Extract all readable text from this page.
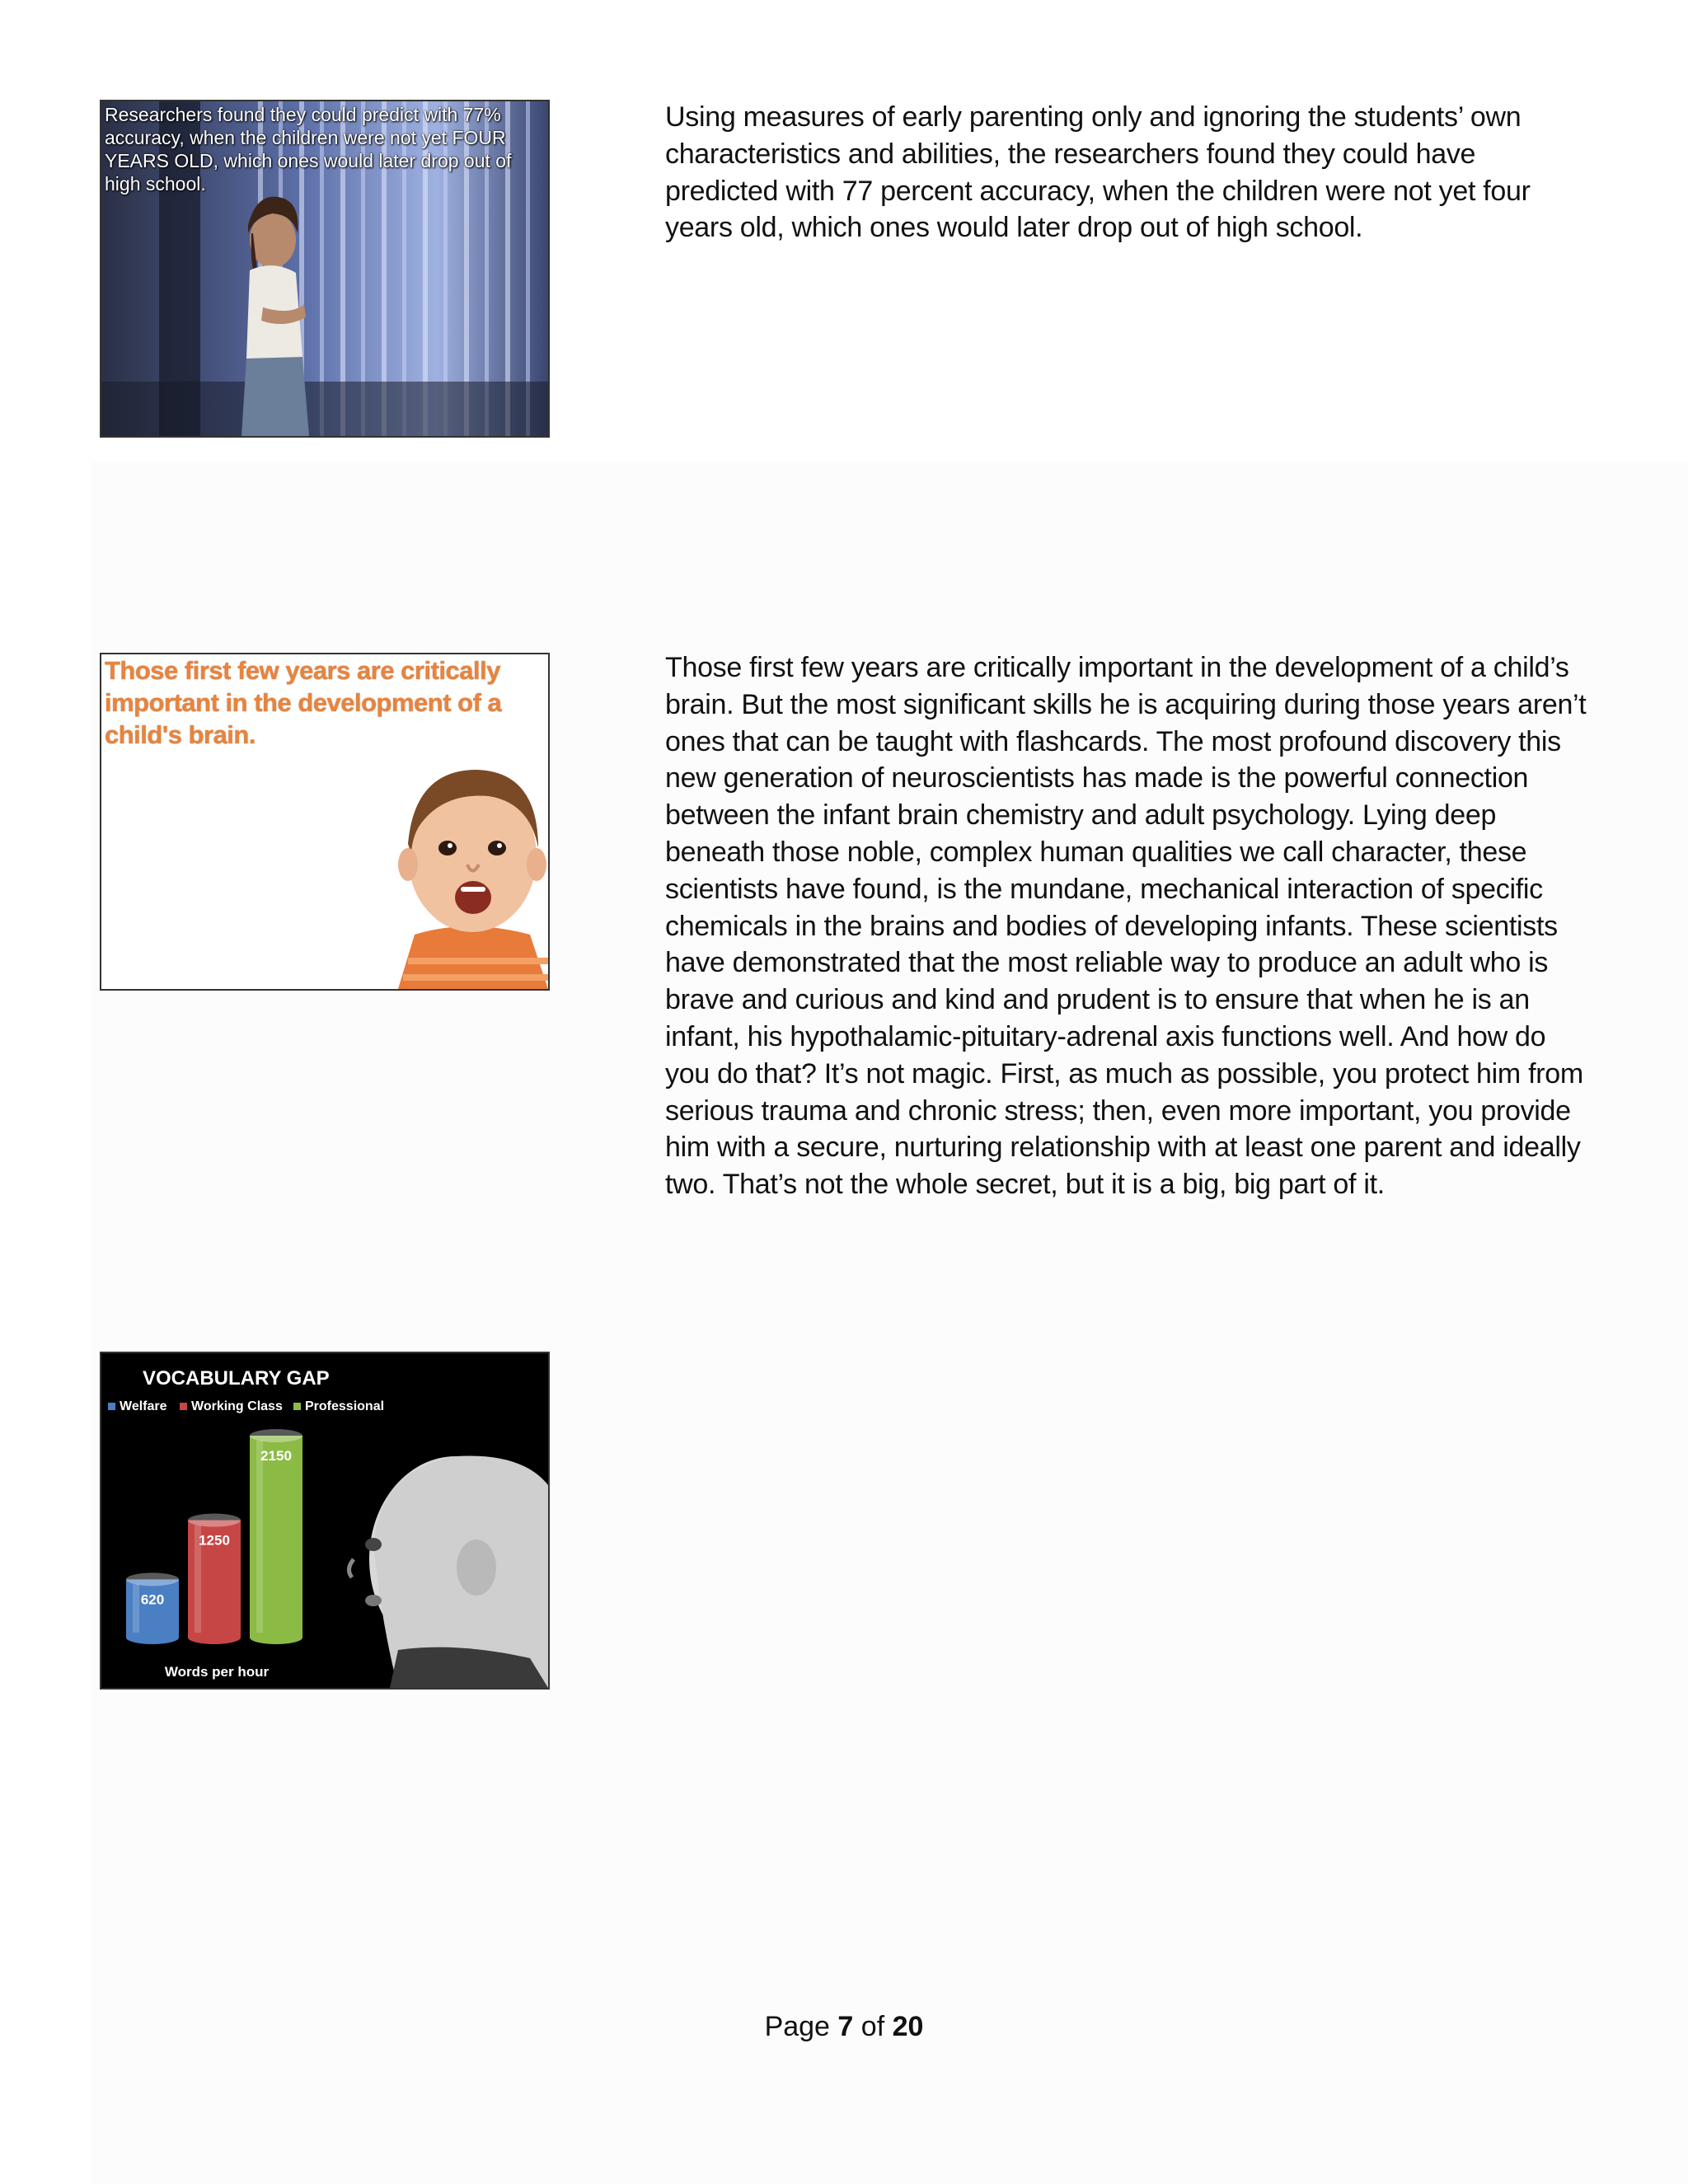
Researchers found they could predict with 77% accuracy, when the children were not yet FOUR YEARS OLD, which ones would later drop out of high school.
Those first few years are critically important in the development of a child's brain.
VOCABULARY GAP
Welfare Working Class Professional
620
1250
2150
Words per hour

Using measures of early parenting only and ignoring the students’ own characteristics and abilities, the researchers found they could have predicted with 77 percent accuracy, when the children were not yet four years old, which ones would later drop out of high school.

Those first few years are critically important in the development of a child’s brain. But the most significant skills he is acquiring during those years aren’t ones that can be taught with flashcards. The most profound discovery this new generation of neuroscientists has made is the powerful connection between the infant brain chemistry and adult psychology. Lying deep beneath those noble, complex human qualities we call character, these scientists have found, is the mundane, mechanical interaction of specific chemicals in the brains and bodies of developing infants. These scientists have demonstrated that the most reliable way to produce an adult who is brave and curious and kind and prudent is to ensure that when he is an infant, his hypothalamic-pituitary-adrenal axis functions well. And how do you do that? It’s not magic. First, as much as possible, you protect him from serious trauma and chronic stress; then, even more important, you provide him with a secure, nurturing relationship with at least one parent and ideally two. That’s not the whole secret, but it is a big, big part of it.

Page 7 of 20
